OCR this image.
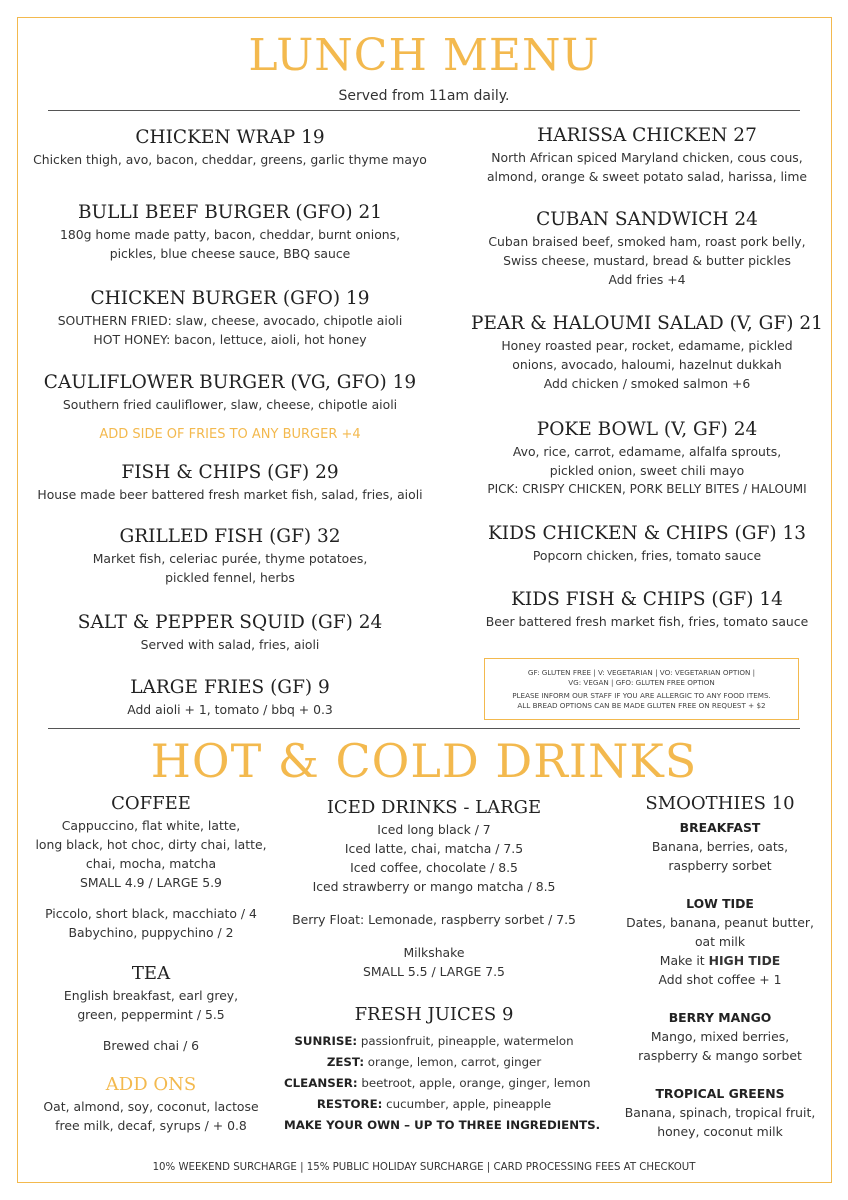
LUNCH MENU
Served from 11am daily.
CHICKEN WRAP 19
Chicken thigh, avo, bacon, cheddar, greens, garlic thyme mayo
BULLI BEEF BURGER (GFO) 21
180g home made patty, bacon, cheddar, burnt onions,
pickles, blue cheese sauce, BBQ sauce
CHICKEN BURGER (GFO) 19
SOUTHERN FRIED: slaw, cheese, avocado, chipotle aioli
HOT HONEY: bacon, lettuce, aioli, hot honey
CAULIFLOWER BURGER (VG, GFO) 19
Southern fried cauliflower, slaw, cheese, chipotle aioli
ADD SIDE OF FRIES TO ANY BURGER +4
FISH & CHIPS (GF) 29
House made beer battered fresh market fish, salad, fries, aioli
GRILLED FISH (GF) 32
Market fish, celeriac purée, thyme potatoes,
pickled fennel, herbs
SALT & PEPPER SQUID (GF) 24
Served with salad, fries, aioli
LARGE FRIES (GF) 9
Add aioli + 1, tomato / bbq + 0.3
HARISSA CHICKEN 27
North African spiced Maryland chicken, cous cous,
almond, orange & sweet potato salad, harissa, lime
CUBAN SANDWICH 24
Cuban braised beef, smoked ham, roast pork belly,
Swiss cheese, mustard, bread & butter pickles
Add fries +4
PEAR & HALOUMI SALAD (V, GF) 21
Honey roasted pear, rocket, edamame, pickled
onions, avocado, haloumi, hazelnut dukkah
Add chicken / smoked salmon +6
POKE BOWL (V, GF) 24
Avo, rice, carrot, edamame, alfalfa sprouts,
pickled onion, sweet chili mayo
PICK: CRISPY CHICKEN, PORK BELLY BITES / HALOUMI
KIDS CHICKEN & CHIPS (GF) 13
Popcorn chicken, fries, tomato sauce
KIDS FISH & CHIPS (GF) 14
Beer battered fresh market fish, fries, tomato sauce
GF: GLUTEN FREE | V: VEGETARIAN | VO: VEGETARIAN OPTION |
VG: VEGAN | GFO: GLUTEN FREE OPTION
PLEASE INFORM OUR STAFF IF YOU ARE ALLERGIC TO ANY FOOD ITEMS.
ALL BREAD OPTIONS CAN BE MADE GLUTEN FREE ON REQUEST + $2
HOT & COLD DRINKS
COFFEE
Cappuccino, flat white, latte,
long black, hot choc, dirty chai, latte,
chai, mocha, matcha
SMALL 4.9 / LARGE 5.9
Piccolo, short black, macchiato / 4
Babychino, puppychino / 2
TEA
English breakfast, earl grey,
green, peppermint / 5.5
Brewed chai / 6
ADD ONS
Oat, almond, soy, coconut, lactose
free milk, decaf, syrups / + 0.8
ICED DRINKS - LARGE
Iced long black / 7
Iced latte, chai, matcha / 7.5
Iced coffee, chocolate / 8.5
Iced strawberry or mango matcha / 8.5
Berry Float: Lemonade, raspberry sorbet / 7.5
Milkshake
SMALL 5.5 / LARGE 7.5
FRESH JUICES 9
SUNRISE: passionfruit, pineapple, watermelon
ZEST: orange, lemon, carrot, ginger
CLEANSER: beetroot, apple, orange, ginger, lemon
RESTORE: cucumber, apple, pineapple
MAKE YOUR OWN – UP TO THREE INGREDIENTS.
SMOOTHIES 10
BREAKFAST
Banana, berries, oats,
raspberry sorbet
LOW TIDE
Dates, banana, peanut butter,
oat milk
Make it HIGH TIDE
Add shot coffee + 1
BERRY MANGO
Mango, mixed berries,
raspberry & mango sorbet
TROPICAL GREENS
Banana, spinach, tropical fruit,
honey, coconut milk
10% WEEKEND SURCHARGE | 15% PUBLIC HOLIDAY SURCHARGE | CARD PROCESSING FEES AT CHECKOUT
